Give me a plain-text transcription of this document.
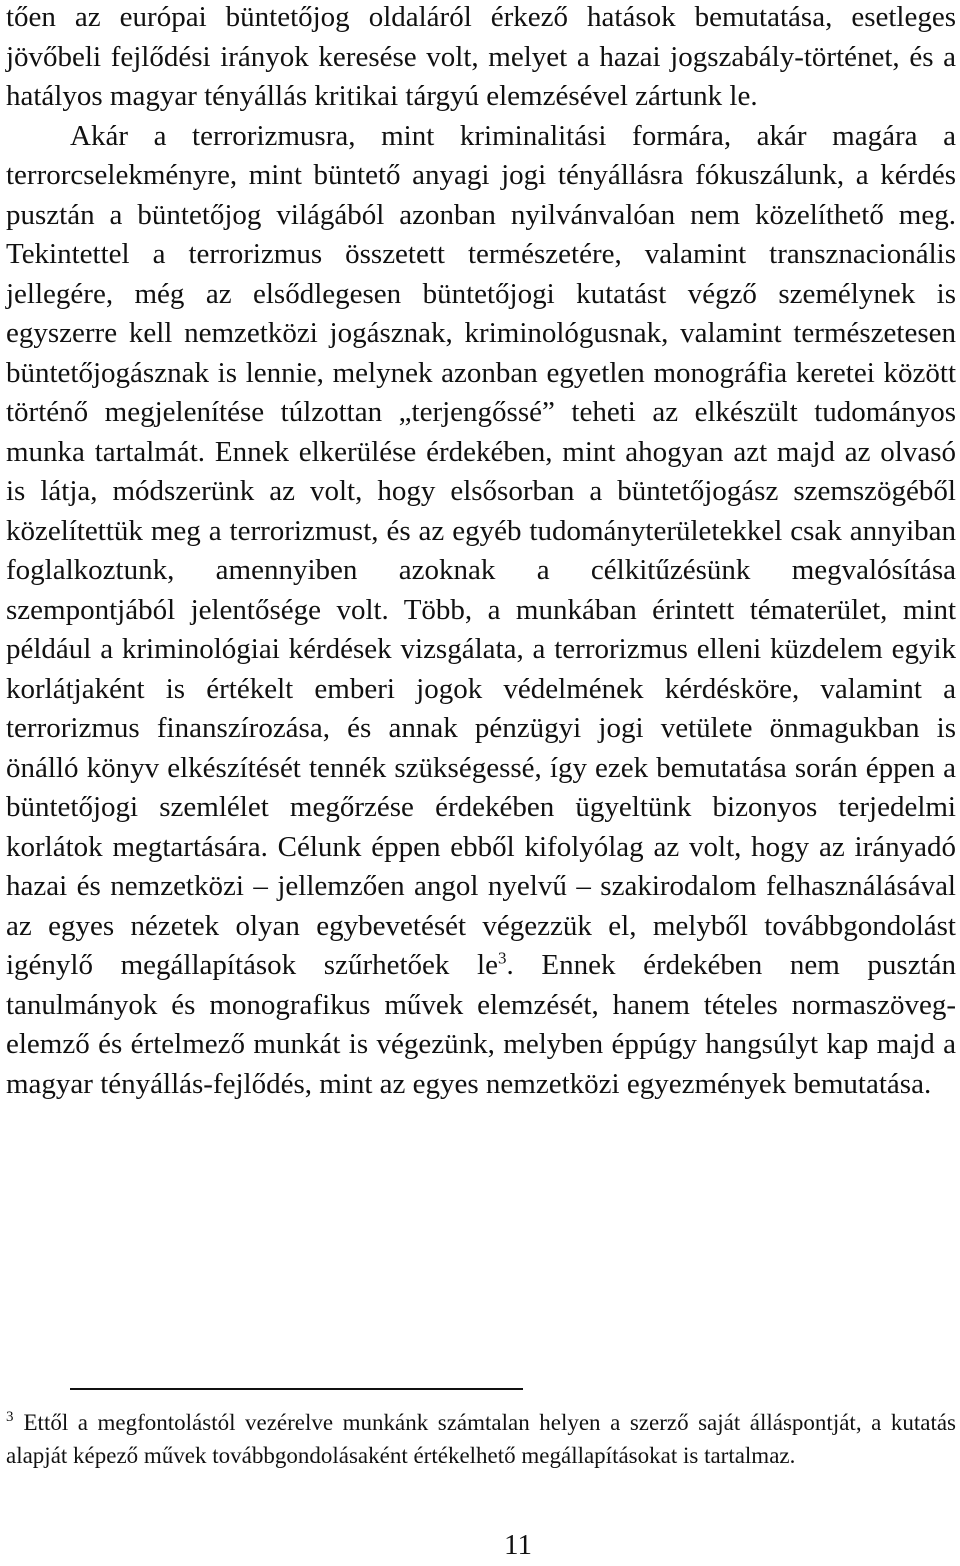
tően az európai büntetőjog oldaláról érkező hatások bemutatása, esetleges jövőbeli fejlődési irányok keresése volt, melyet a hazai jogszabály-történet, és a hatályos magyar tényállás kritikai tárgyú elemzésével zártunk le.

Akár a terrorizmusra, mint kriminalitási formára, akár magára a terrorcselekményre, mint büntető anyagi jogi tényállásra fókuszálunk, a kérdés pusztán a büntetőjog világából azonban nyilvánvalóan nem közelíthető meg. Tekintettel a terrorizmus összetett természetére, valamint transznacionális jellegére, még az elsődlegesen büntetőjogi kutatást végző személynek is egyszerre kell nemzetközi jogásznak, kriminológusnak, valamint természetesen büntetőjogásznak is lennie, melynek azonban egyetlen monográfia keretei között történő megjelenítése túlzottan „terjengőssé” teheti az elkészült tudományos munka tartalmát. Ennek elkerülése érdekében, mint ahogyan azt majd az olvasó is látja, módszerünk az volt, hogy elsősorban a büntetőjogász szemszögéből közelítettük meg a terrorizmust, és az egyéb tudományterületekkel csak annyiban foglalkoztunk, amennyiben azoknak a célkitűzésünk megvalósítása szempontjából jelentősége volt. Több, a munkában érintett tématerület, mint például a kriminológiai kérdések vizsgálata, a terrorizmus elleni küzdelem egyik korlátjaként is értékelt emberi jogok védelmének kérdésköre, valamint a terrorizmus finanszírozása, és annak pénzügyi jogi vetülete önmagukban is önálló könyv elkészítését tennék szükségessé, így ezek bemutatása során éppen a büntetőjogi szemlélet megőrzése érdekében ügyeltünk bizonyos terjedelmi korlátok megtartására. Célunk éppen ebből kifolyólag az volt, hogy az irányadó hazai és nemzetközi – jellemzően angol nyelvű – szakirodalom felhasználásával az egyes nézetek olyan egybevetését végezzük el, melyből továbbgondolást igénylő megállapítások szűrhetőek le$^3$. Ennek érdekében nem pusztán tanulmányok és monografikus művek elemzését, hanem tételes normaszöveg-elemző és értelmező munkát is végezünk, melyben éppúgy hangsúlyt kap majd a magyar tényállás-fejlődés, mint az egyes nemzetközi egyezmények bemutatása.

$^3$ Ettől a megfontolástól vezérelve munkánk számtalan helyen a szerző saját álláspontját, a kutatás alapját képező művek továbbgondolásaként értékelhető megállapításokat is tartalmaz.
11
